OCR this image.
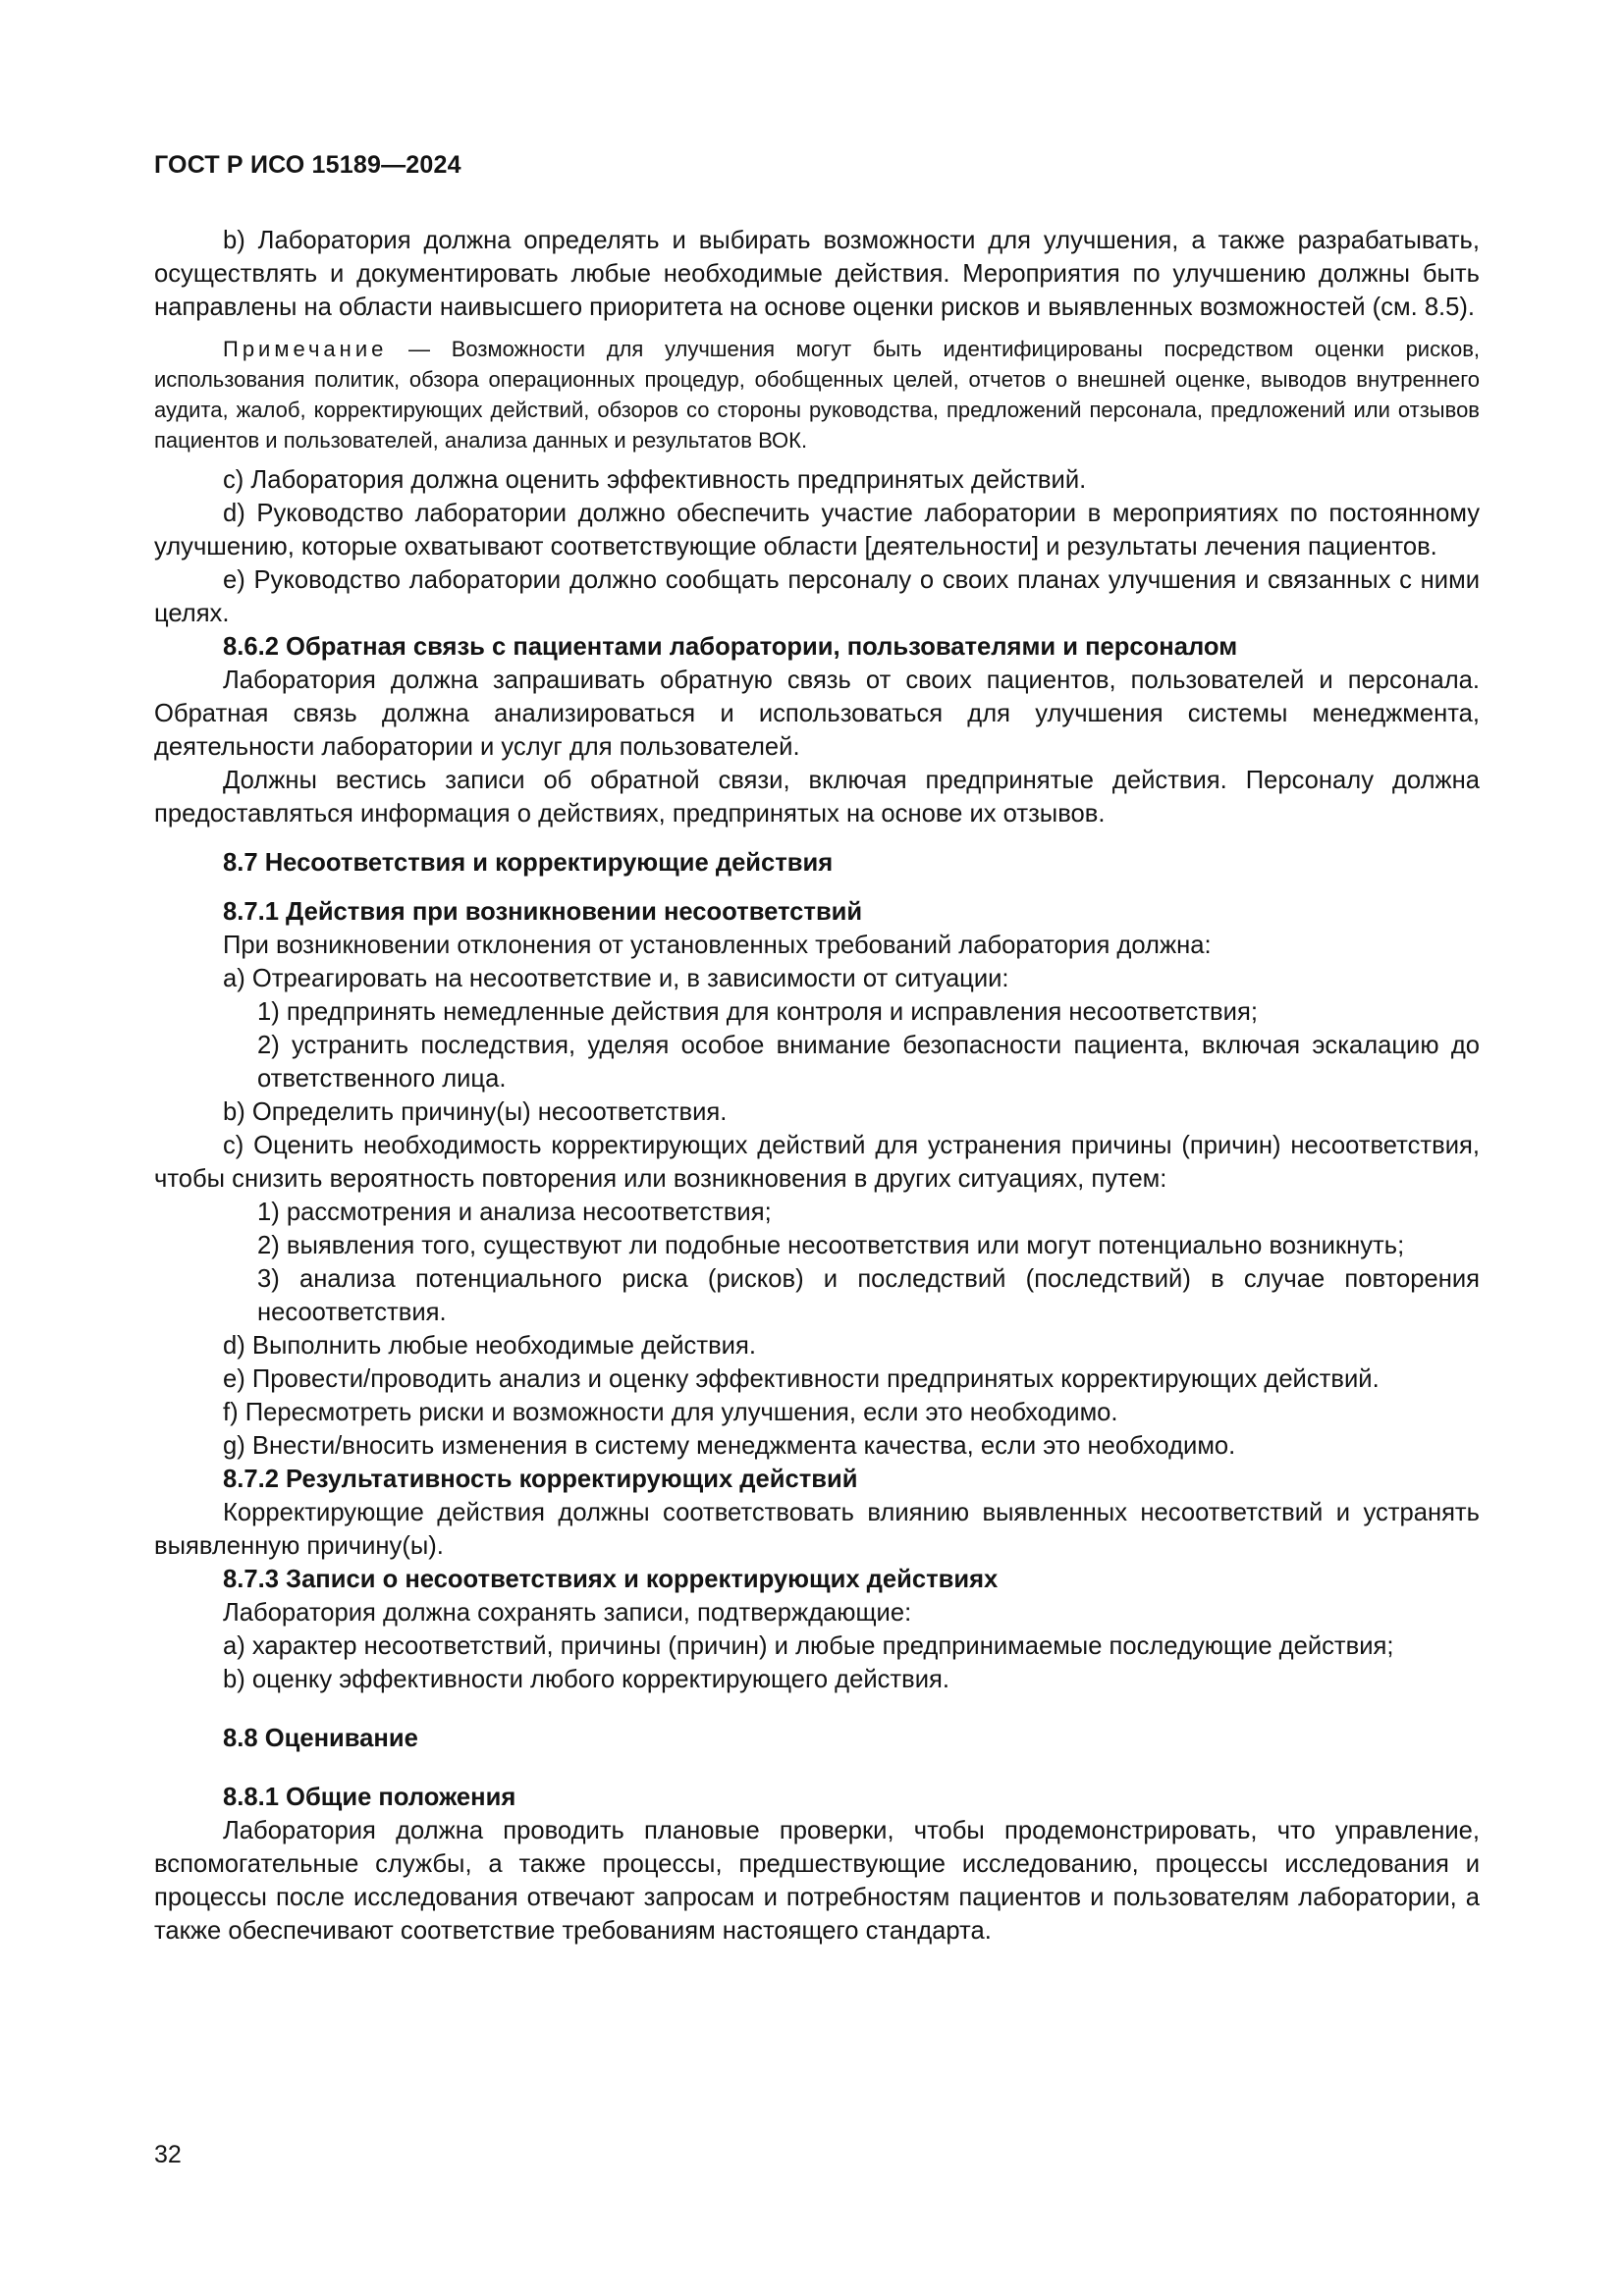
ГОСТ Р ИСО 15189—2024

b) Лаборатория должна определять и выбирать возможности для улучшения, а также разрабатывать, осуществлять и документировать любые необходимые действия. Мероприятия по улучшению должны быть направлены на области наивысшего приоритета на основе оценки рисков и выявленных возможностей (см. 8.5).

Примечание — Возможности для улучшения могут быть идентифицированы посредством оценки рисков, использования политик, обзора операционных процедур, обобщенных целей, отчетов о внешней оценке, выводов внутреннего аудита, жалоб, корректирующих действий, обзоров со стороны руководства, предложений персонала, предложений или отзывов пациентов и пользователей, анализа данных и результатов ВОК.

c) Лаборатория должна оценить эффективность предпринятых действий.

d) Руководство лаборатории должно обеспечить участие лаборатории в мероприятиях по постоянному улучшению, которые охватывают соответствующие области [деятельности] и результаты лечения пациентов.

e) Руководство лаборатории должно сообщать персоналу о своих планах улучшения и связанных с ними целях.

8.6.2 Обратная связь с пациентами лаборатории, пользователями и персоналом

Лаборатория должна запрашивать обратную связь от своих пациентов, пользователей и персонала. Обратная связь должна анализироваться и использоваться для улучшения системы менеджмента, деятельности лаборатории и услуг для пользователей.

Должны вестись записи об обратной связи, включая предпринятые действия. Персоналу должна предоставляться информация о действиях, предпринятых на основе их отзывов.

8.7 Несоответствия и корректирующие действия
8.7.1 Действия при возникновении несоответствий

При возникновении отклонения от установленных требований лаборатория должна:

a) Отреагировать на несоответствие и, в зависимости от ситуации:

1) предпринять немедленные действия для контроля и исправления несоответствия;

2) устранить последствия, уделяя особое внимание безопасности пациента, включая эскалацию до ответственного лица.

b) Определить причину(ы) несоответствия.

c) Оценить необходимость корректирующих действий для устранения причины (причин) несоответствия, чтобы снизить вероятность повторения или возникновения в других ситуациях, путем:

1) рассмотрения и анализа несоответствия;

2) выявления того, существуют ли подобные несоответствия или могут потенциально возникнуть;

3) анализа потенциального риска (рисков) и последствий (последствий) в случае повторения несоответствия.

d) Выполнить любые необходимые действия.

e) Провести/проводить анализ и оценку эффективности предпринятых корректирующих действий.

f) Пересмотреть риски и возможности для улучшения, если это необходимо.

g) Внести/вносить изменения в систему менеджмента качества, если это необходимо.

8.7.2 Результативность корректирующих действий

Корректирующие действия должны соответствовать влиянию выявленных несоответствий и устранять выявленную причину(ы).

8.7.3 Записи о несоответствиях и корректирующих действиях

Лаборатория должна сохранять записи, подтверждающие:

a) характер несоответствий, причины (причин) и любые предпринимаемые последующие действия;

b) оценку эффективности любого корректирующего действия.

8.8 Оценивание
8.8.1 Общие положения

Лаборатория должна проводить плановые проверки, чтобы продемонстрировать, что управление, вспомогательные службы, а также процессы, предшествующие исследованию, процессы исследования и процессы после исследования отвечают запросам и потребностям пациентов и пользователям лаборатории, а также обеспечивают соответствие требованиям настоящего стандарта.

32
